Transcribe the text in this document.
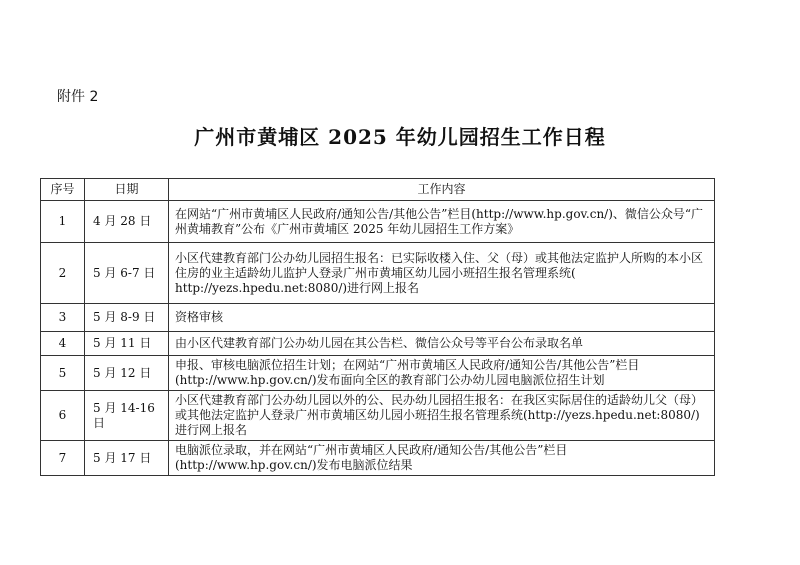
附件 2
广州市黄埔区 2025 年幼儿园招生工作日程
序号	日期	工作内容
1	4 月 28 日	在网站“广州市黄埔区人民政府/通知公告/其他公告”栏目(http://www.hp.gov.cn/)、微信公众号“广州黄埔教育”公布《广州市黄埔区 2025 年幼儿园招生工作方案》
2	5 月 6-7 日	小区代建教育部门公办幼儿园招生报名：已实际收楼入住、父（母）或其他法定监护人所购的本小区住房的业主适龄幼儿监护人登录广州市黄埔区幼儿园小班招生报名管理系统( http://yezs.hpedu.net:8080/)进行网上报名
3	5 月 8-9 日	资格审核
4	5 月 11 日	由小区代建教育部门公办幼儿园在其公告栏、微信公众号等平台公布录取名单
5	5 月 12 日	申报、审核电脑派位招生计划；在网站“广州市黄埔区人民政府/通知公告/其他公告”栏目(http://www.hp.gov.cn/)发布面向全区的教育部门公办幼儿园电脑派位招生计划
6	5 月 14-16 日	小区代建教育部门公办幼儿园以外的公、民办幼儿园招生报名：在我区实际居住的适龄幼儿父（母）或其他法定监护人登录广州市黄埔区幼儿园小班招生报名管理系统(http://yezs.hpedu.net:8080/)进行网上报名
7	5 月 17 日	电脑派位录取，并在网站“广州市黄埔区人民政府/通知公告/其他公告”栏目(http://www.hp.gov.cn/)发布电脑派位结果
